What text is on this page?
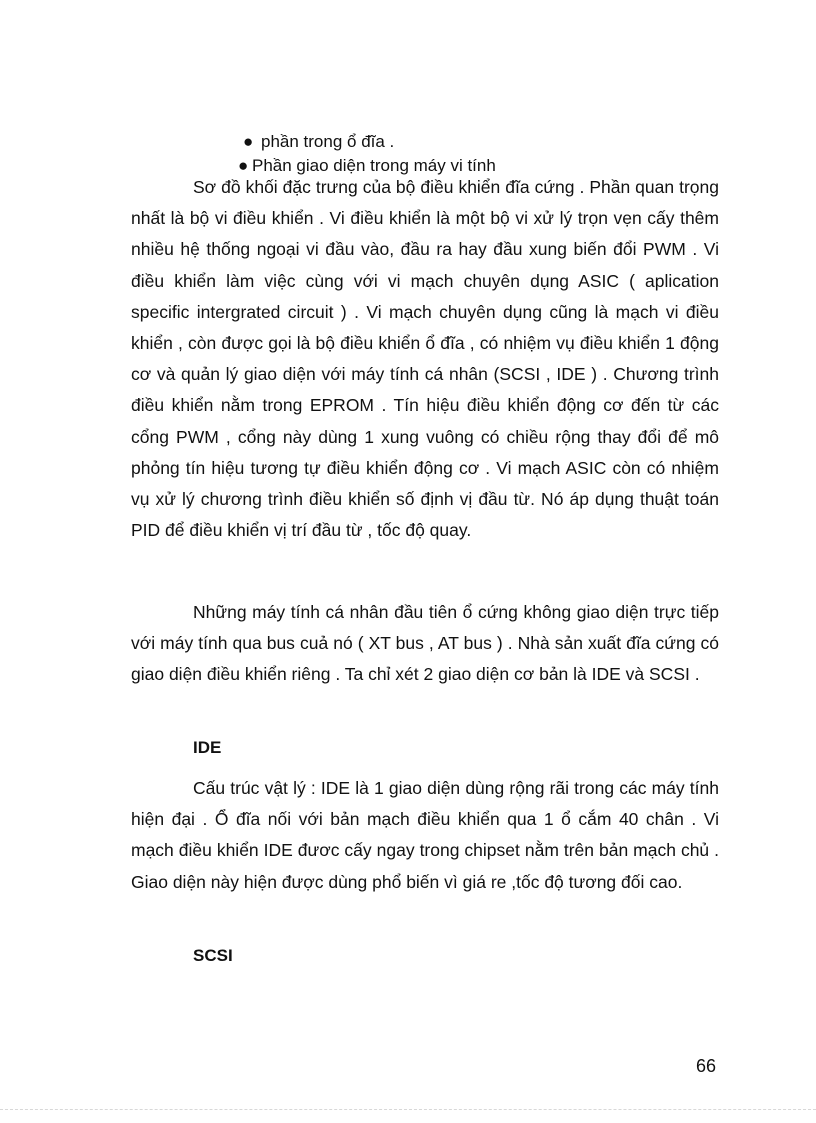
● phần trong ổ đĩa .
● Phần giao diện trong máy vi tính

Sơ đồ khối đặc trưng của bộ điều khiển đĩa cứng . Phần quan trọng nhất là bộ vi điều khiển . Vi điều khiển là một bộ vi xử lý trọn vẹn cấy thêm nhiều hệ thống ngoại vi đầu vào, đầu ra hay đầu xung biến đổi PWM . Vi điều khiển làm việc cùng với vi mạch chuyên dụng ASIC ( aplication specific intergrated circuit ) . Vi mạch chuyên dụng cũng là mạch vi điều khiển , còn được gọi là bộ điều khiển ổ đĩa , có nhiệm vụ điều khiển 1 động cơ và quản lý giao diện với máy tính cá nhân (SCSI , IDE ) . Chương trình điều khiển nằm trong EPROM . Tín hiệu điều khiển động cơ đến từ các cổng PWM , cổng này dùng 1 xung vuông có chiều rộng thay đổi để mô phỏng tín hiệu tương tự điều khiển động cơ . Vi mạch ASIC còn có nhiệm vụ xử lý chương trình điều khiển số định vị đầu từ. Nó áp dụng thuật toán PID để điều khiển vị trí đầu từ , tốc độ quay.

Những máy tính cá nhân đầu tiên ổ cứng không giao diện trực tiếp với máy tính qua bus cuả nó ( XT bus , AT bus ) . Nhà sản xuất đĩa cứng có giao diện điều khiển riêng . Ta chỉ xét 2 giao diện cơ bản là IDE và SCSI .

IDE

Cấu trúc vật lý : IDE là 1 giao diện dùng rộng rãi trong các máy tính hiện đại . Ổ đĩa nối với bản mạch điều khiển qua 1 ổ cắm 40 chân . Vi mạch điều khiển IDE đươc cấy ngay trong chipset nằm trên bản mạch chủ . Giao diện này hiện được dùng phổ biến vì giá re ,tốc độ tương đối cao.

SCSI
66
